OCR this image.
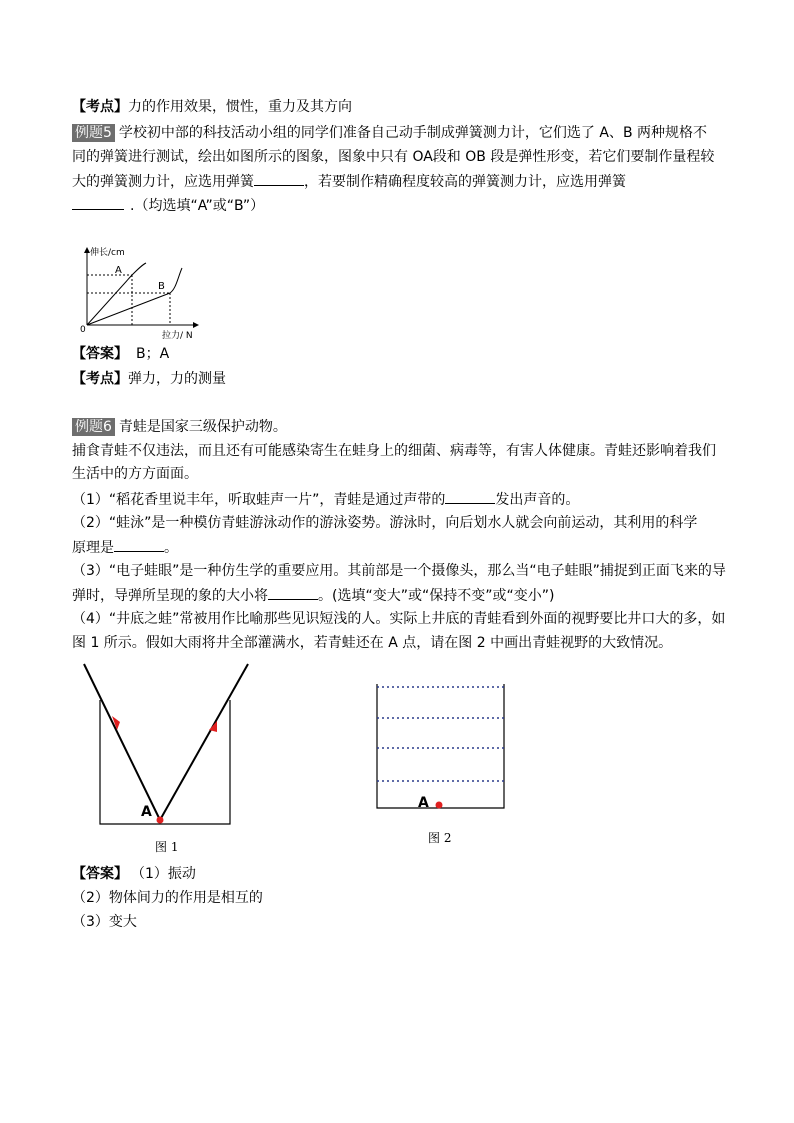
【考点】力的作用效果，惯性，重力及其方向
例题5 学校初中部的科技活动小组的同学们准备自己动手制成弹簧测力计，它们选了 A、B 两种规格不
同的弹簧进行测试，绘出如图所示的图象，图象中只有 OA段和 OB 段是弹性形变，若它们要制作量程较
大的弹簧测力计，应选用弹簧	，若要制作精确程度较高的弹簧测力计，应选用弹簧
.（均选填“A”或“B”）
伸长/cm
0
拉力/ N
A
B
【答案】 B；A
【考点】弹力，力的测量
例题6 青蛙是国家三级保护动物。
捕食青蛙不仅违法，而且还有可能感染寄生在蛙身上的细菌、病毒等，有害人体健康。青蛙还影响着我们
生活中的方方面面。
（1）“稻花香里说丰年，听取蛙声一片”，青蛙是通过声带的	发出声音的。
（2）“蛙泳”是一种模仿青蛙游泳动作的游泳姿势。游泳时，向后划水人就会向前运动，其利用的科学
原理是	。
（3）“电子蛙眼”是一种仿生学的重要应用。其前部是一个摄像头，那么当“电子蛙眼”捕捉到正面飞来的导
弹时，导弹所呈现的象的大小将	。(选填“变大”或“保持不变”或“变小”)
（4）“井底之蛙”常被用作比喻那些见识短浅的人。实际上井底的青蛙看到外面的视野要比井口大的多，如
图 1 所示。假如大雨将井全部灌满水，若青蛙还在 A 点，请在图 2 中画出青蛙视野的大致情况。
A
图 1
A
图 2
【答案】 （1）振动
（2）物体间力的作用是相互的
（3）变大
